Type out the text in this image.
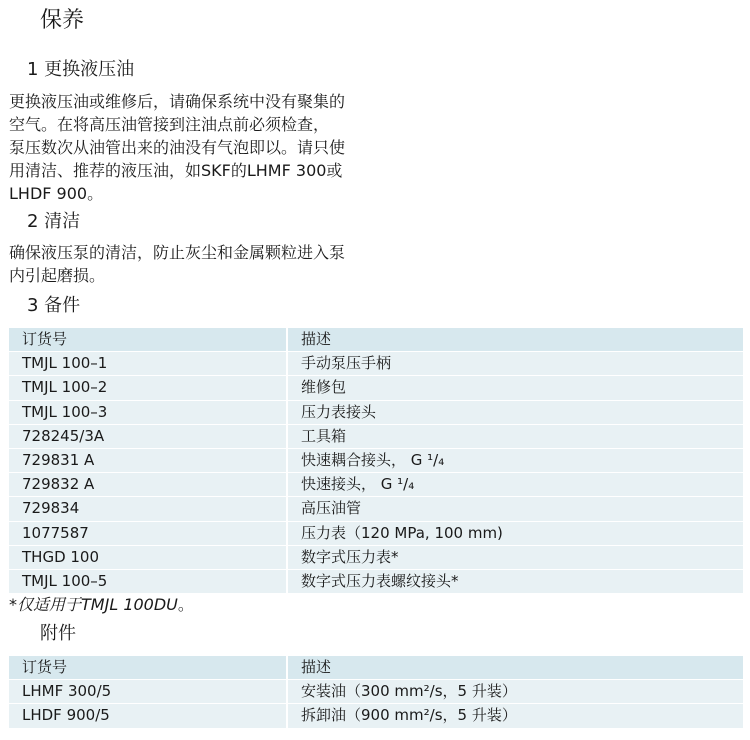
保养
1 更换液压油
更换液压油或维修后，请确保系统中没有聚集的
空气。在将高压油管接到注油点前必须检查，
泵压数次从油管出来的油没有气泡即以。请只使
用清洁、推荐的液压油，如SKF的LHMF 300或
LHDF 900。
2 清洁
确保液压泵的清洁，防止灰尘和金属颗粒进入泵
内引起磨损。
3 备件
订货号	描述
TMJL 100–1	手动泵压手柄
TMJL 100–2	维修包
TMJL 100–3	压力表接头
728245/3A	工具箱
729831 A	快速耦合接头， G ¹/₄
729832 A	快速接头， G ¹/₄
729834	高压油管
1077587	压力表（120 MPa, 100 mm)
THGD 100	数字式压力表*
TMJL 100–5	数字式压力表螺纹接头*
*仅适用于TMJL 100DU。
附件
订货号	描述
LHMF 300/5	安装油（300 mm²/s，5 升装）
LHDF 900/5	拆卸油（900 mm²/s，5 升装）
